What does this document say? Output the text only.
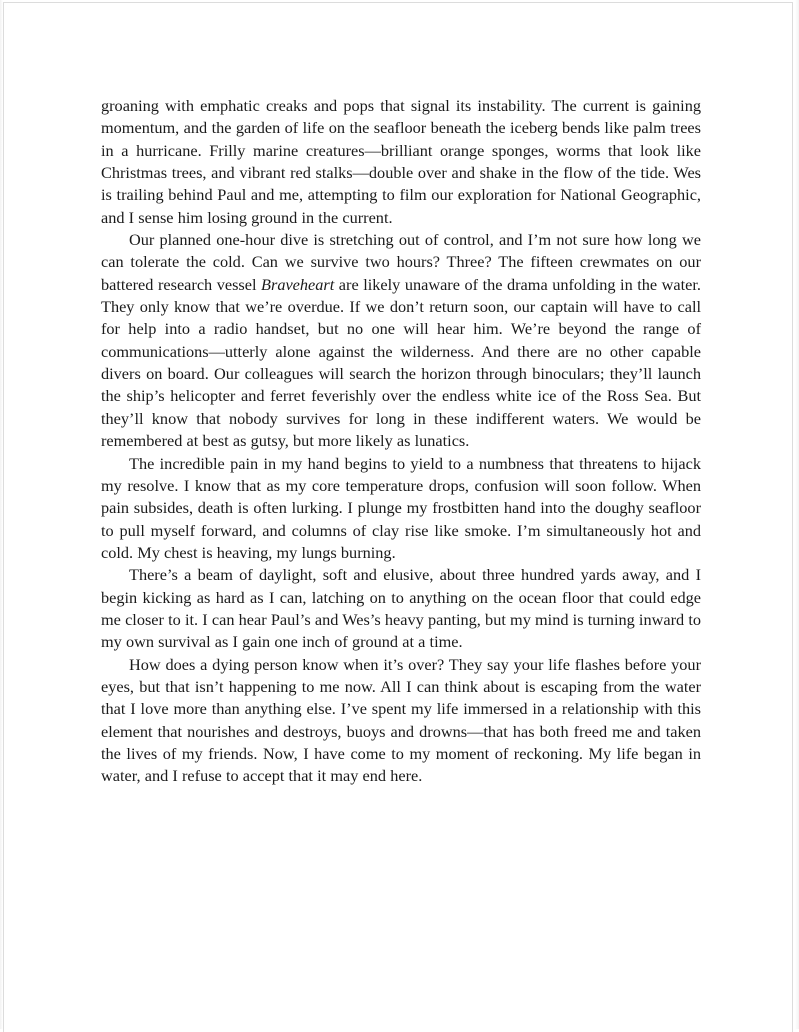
groaning with emphatic creaks and pops that signal its instability. The current is gaining momentum, and the garden of life on the seafloor beneath the iceberg bends like palm trees in a hurricane. Frilly marine creatures—brilliant orange sponges, worms that look like Christmas trees, and vibrant red stalks—double over and shake in the flow of the tide. Wes is trailing behind Paul and me, attempting to film our exploration for National Geographic, and I sense him losing ground in the current.

Our planned one-hour dive is stretching out of control, and I’m not sure how long we can tolerate the cold. Can we survive two hours? Three? The fifteen crewmates on our battered research vessel Braveheart are likely unaware of the drama unfolding in the water. They only know that we’re overdue. If we don’t return soon, our captain will have to call for help into a radio handset, but no one will hear him. We’re beyond the range of communications—utterly alone against the wilderness. And there are no other capable divers on board. Our colleagues will search the horizon through binoculars; they’ll launch the ship’s helicopter and ferret feverishly over the endless white ice of the Ross Sea. But they’ll know that nobody survives for long in these indifferent waters. We would be remembered at best as gutsy, but more likely as lunatics.

The incredible pain in my hand begins to yield to a numbness that threatens to hijack my resolve. I know that as my core temperature drops, confusion will soon follow. When pain subsides, death is often lurking. I plunge my frostbitten hand into the doughy seafloor to pull myself forward, and columns of clay rise like smoke. I’m simultaneously hot and cold. My chest is heaving, my lungs burning.

There’s a beam of daylight, soft and elusive, about three hundred yards away, and I begin kicking as hard as I can, latching on to anything on the ocean floor that could edge me closer to it. I can hear Paul’s and Wes’s heavy panting, but my mind is turning inward to my own survival as I gain one inch of ground at a time.

How does a dying person know when it’s over? They say your life flashes before your eyes, but that isn’t happening to me now. All I can think about is escaping from the water that I love more than anything else. I’ve spent my life immersed in a relationship with this element that nourishes and destroys, buoys and drowns—that has both freed me and taken the lives of my friends. Now, I have come to my moment of reckoning. My life began in water, and I refuse to accept that it may end here.
